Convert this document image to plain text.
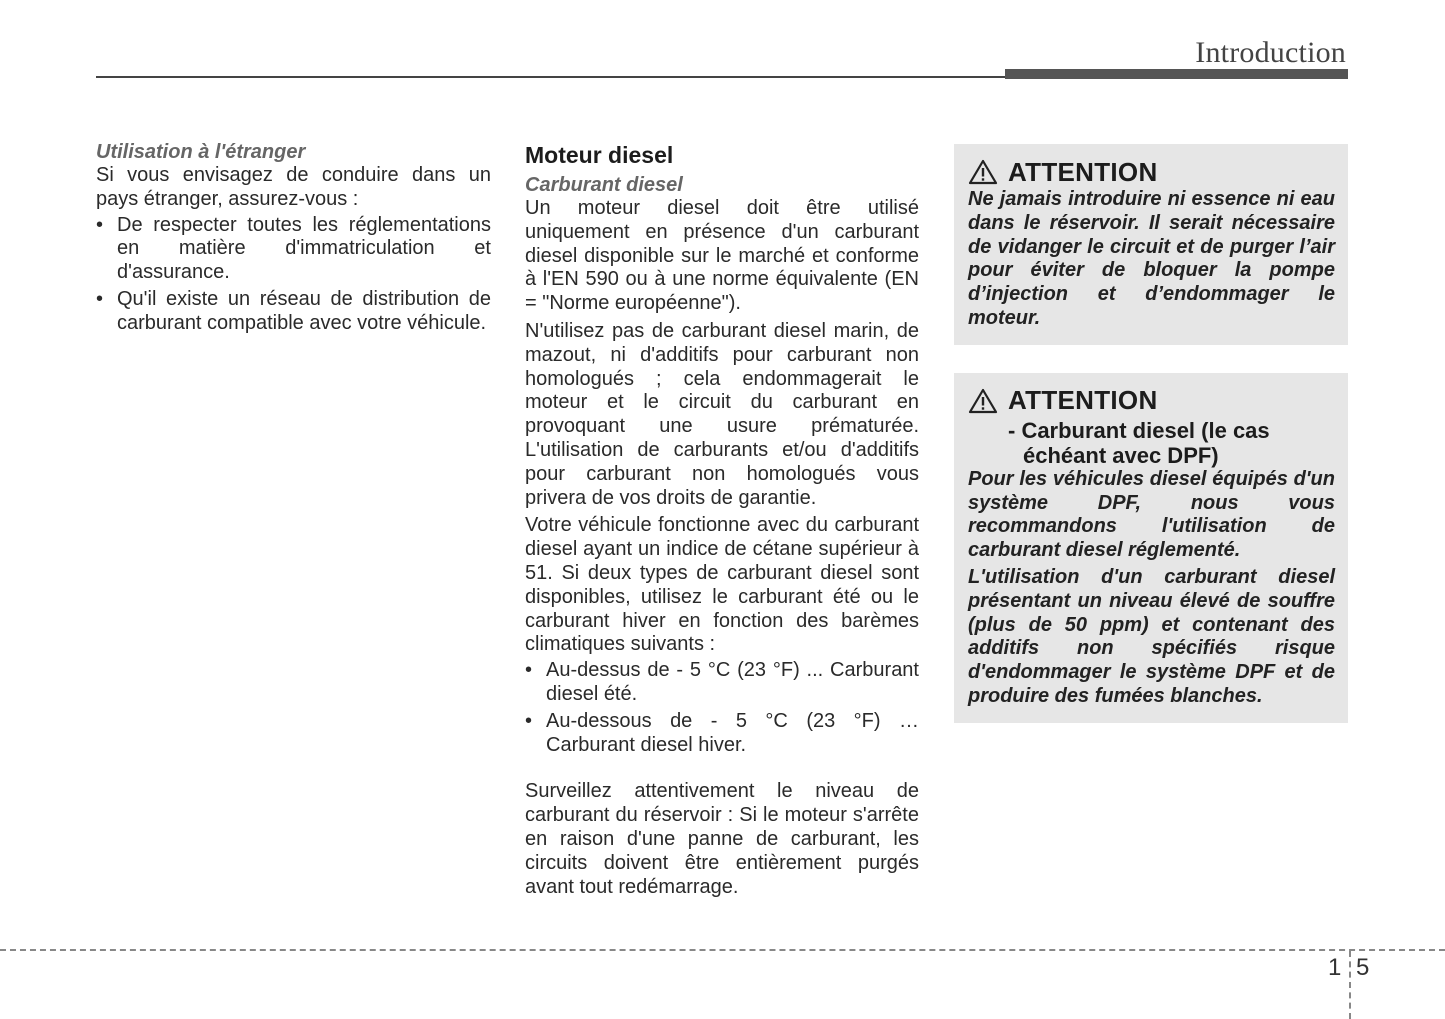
Introduction
Utilisation à l'étranger

Si vous envisagez de conduire dans un pays étranger, assurez-vous :

• De respecter toutes les réglementations en matière d'immatriculation et d'assurance.
• Qu'il existe un réseau de distribution de carburant compatible avec votre véhicule.
Moteur diesel
Carburant diesel

Un moteur diesel doit être utilisé uniquement en présence d'un carburant diesel disponible sur le marché et conforme à l'EN 590 ou à une norme équivalente (EN = "Norme européenne").

N'utilisez pas de carburant diesel marin, de mazout, ni d'additifs pour carburant non homologués ; cela endommagerait le moteur et le circuit du carburant en provoquant une usure prématurée. L'utilisation de carburants et/ou d'additifs pour carburant non homologués vous privera de vos droits de garantie.

Votre véhicule fonctionne avec du carburant diesel ayant un indice de cétane supérieur à 51. Si deux types de carburant diesel sont disponibles, utilisez le carburant été ou le carburant hiver en fonction des barèmes climatiques suivants :

• Au-dessus de - 5 °C (23 °F) ... Carburant diesel été.
• Au-dessous de - 5 °C (23 °F) … Carburant diesel hiver.

Surveillez attentivement le niveau de carburant du réservoir : Si le moteur s'arrête en raison d'une panne de carburant, les circuits doivent être entièrement purgés avant tout redémarrage.

ATTENTION

Ne jamais introduire ni essence ni eau dans le réservoir. Il serait nécessaire de vidanger le circuit et de purger l’air pour éviter de bloquer la pompe d’injection et d’endommager le moteur.

ATTENTION
- Carburant diesel (le cas
échéant avec DPF)

Pour les véhicules diesel équipés d'un système DPF, nous vous recommandons l'utilisation de carburant diesel réglementé.

L'utilisation d'un carburant diesel présentant un niveau élevé de souffre (plus de 50 ppm) et contenant des additifs non spécifiés risque d'endommager le système DPF et de produire des fumées blanches.

1 5
